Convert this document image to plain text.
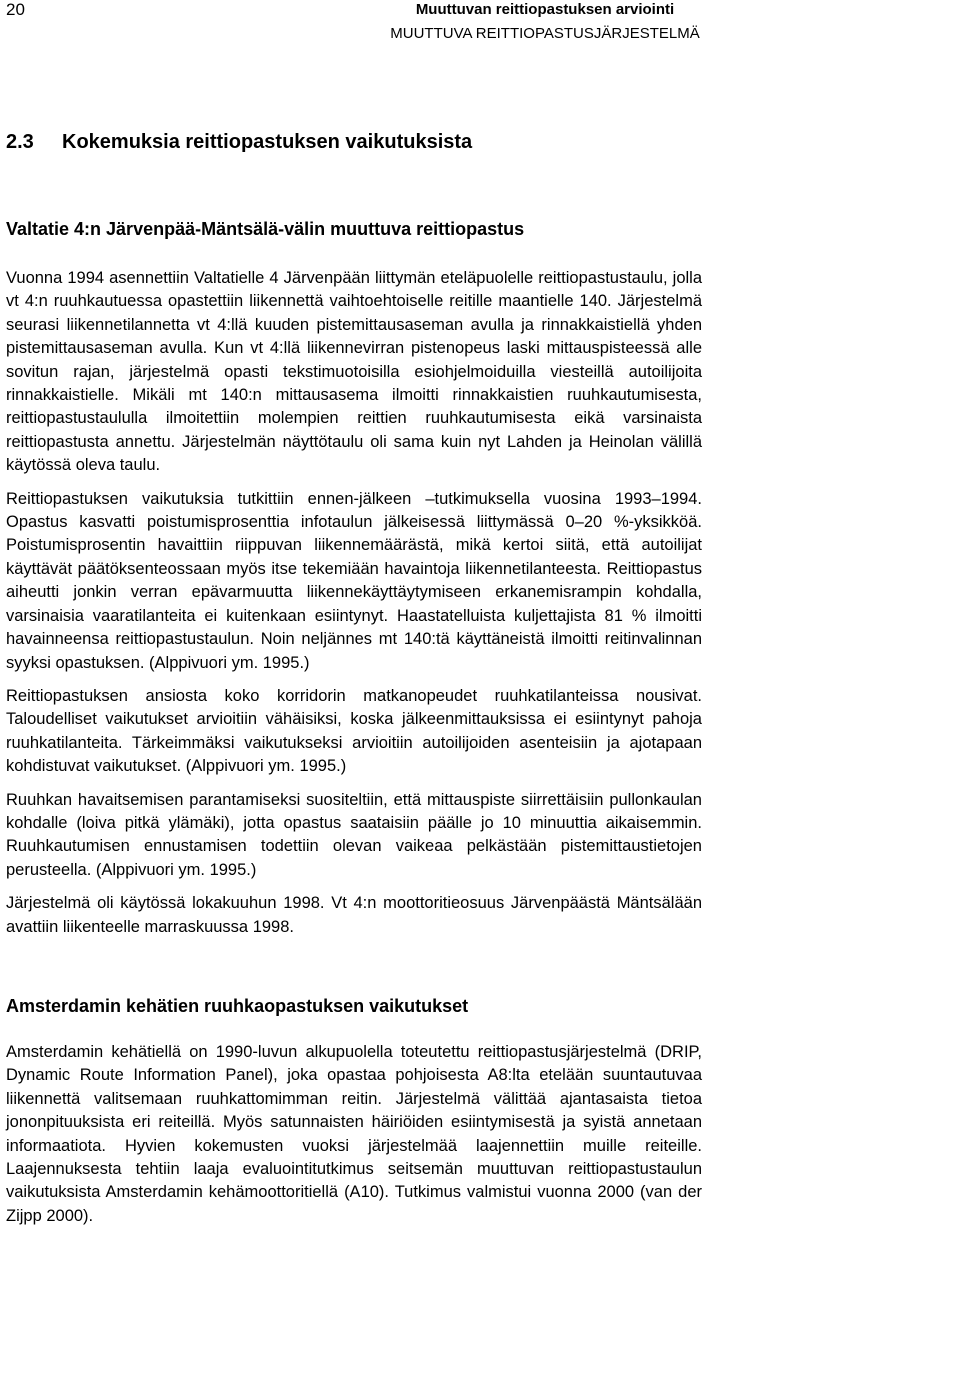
20	Muuttuvan reittiopastuksen arviointi
MUUTTUVA REITTIOPASTUSJÄRJESTELMÄ
2.3 Kokemuksia reittiopastuksen vaikutuksista
Valtatie 4:n Järvenpää-Mäntsälä-välin muuttuva reittiopastus

Vuonna 1994 asennettiin Valtatielle 4 Järvenpään liittymän eteläpuolelle reittiopastustaulu, jolla vt 4:n ruuhkautuessa opastettiin liikennettä vaihtoehtoiselle reitille maantielle 140. Järjestelmä seurasi liikennetilannetta vt 4:llä kuuden pistemittausaseman avulla ja rinnakkaistiellä yhden pistemittausaseman avulla. Kun vt 4:llä liikennevirran pistenopeus laski mittauspisteessä alle sovitun rajan, järjestelmä opasti tekstimuotoisilla esiohjelmoiduilla viesteillä autoilijoita rinnakkaistielle. Mikäli mt 140:n mittausasema ilmoitti rinnakkaistien ruuhkautumisesta, reittiopastustaululla ilmoitettiin molempien reittien ruuhkautumisesta eikä varsinaista reittiopastusta annettu. Järjestelmän näyttötaulu oli sama kuin nyt Lahden ja Heinolan välillä käytössä oleva taulu.

Reittiopastuksen vaikutuksia tutkittiin ennen-jälkeen –tutkimuksella vuosina 1993–1994. Opastus kasvatti poistumisprosenttia infotaulun jälkeisessä liittymässä 0–20 %-yksikköä. Poistumisprosentin havaittiin riippuvan liikennemäärästä, mikä kertoi siitä, että autoilijat käyttävät päätöksenteossaan myös itse tekemiään havaintoja liikennetilanteesta. Reittiopastus aiheutti jonkin verran epävarmuutta liikennekäyttäytymiseen erkanemisrampin kohdalla, varsinaisia vaaratilanteita ei kuitenkaan esiintynyt. Haastatelluista kuljettajista 81 % ilmoitti havainneensa reittiopastustaulun. Noin neljännes mt 140:tä käyttäneistä ilmoitti reitinvalinnan syyksi opastuksen. (Alppivuori ym. 1995.)

Reittiopastuksen ansiosta koko korridorin matkanopeudet ruuhkatilanteissa nousivat. Taloudelliset vaikutukset arvioitiin vähäisiksi, koska jälkeenmittauksissa ei esiintynyt pahoja ruuhkatilanteita. Tärkeimmäksi vaikutukseksi arvioitiin autoilijoiden asenteisiin ja ajotapaan kohdistuvat vaikutukset. (Alppivuori ym. 1995.)

Ruuhkan havaitsemisen parantamiseksi suositeltiin, että mittauspiste siirrettäisiin pullonkaulan kohdalle (loiva pitkä ylämäki), jotta opastus saataisiin päälle jo 10 minuuttia aikaisemmin. Ruuhkautumisen ennustamisen todettiin olevan vaikeaa pelkästään pistemittaustietojen perusteella. (Alppivuori ym. 1995.)

Järjestelmä oli käytössä lokakuuhun 1998. Vt 4:n moottoritieosuus Järvenpäästä Mäntsälään avattiin liikenteelle marraskuussa 1998.

Amsterdamin kehätien ruuhkaopastuksen vaikutukset

Amsterdamin kehätiellä on 1990-luvun alkupuolella toteutettu reittiopastusjärjestelmä (DRIP, Dynamic Route Information Panel), joka opastaa pohjoisesta A8:lta etelään suuntautuvaa liikennettä valitsemaan ruuhkattomimman reitin. Järjestelmä välittää ajantasaista tietoa jononpituuksista eri reiteillä. Myös satunnaisten häiriöiden esiintymisestä ja syistä annetaan informaatiota. Hyvien kokemusten vuoksi järjestelmää laajennettiin muille reiteille. Laajennuksesta tehtiin laaja evaluointitutkimus seitsemän muuttuvan reittiopastustaulun vaikutuksista Amsterdamin kehämoottoritiellä (A10). Tutkimus valmistui vuonna 2000 (van der Zijpp 2000).
